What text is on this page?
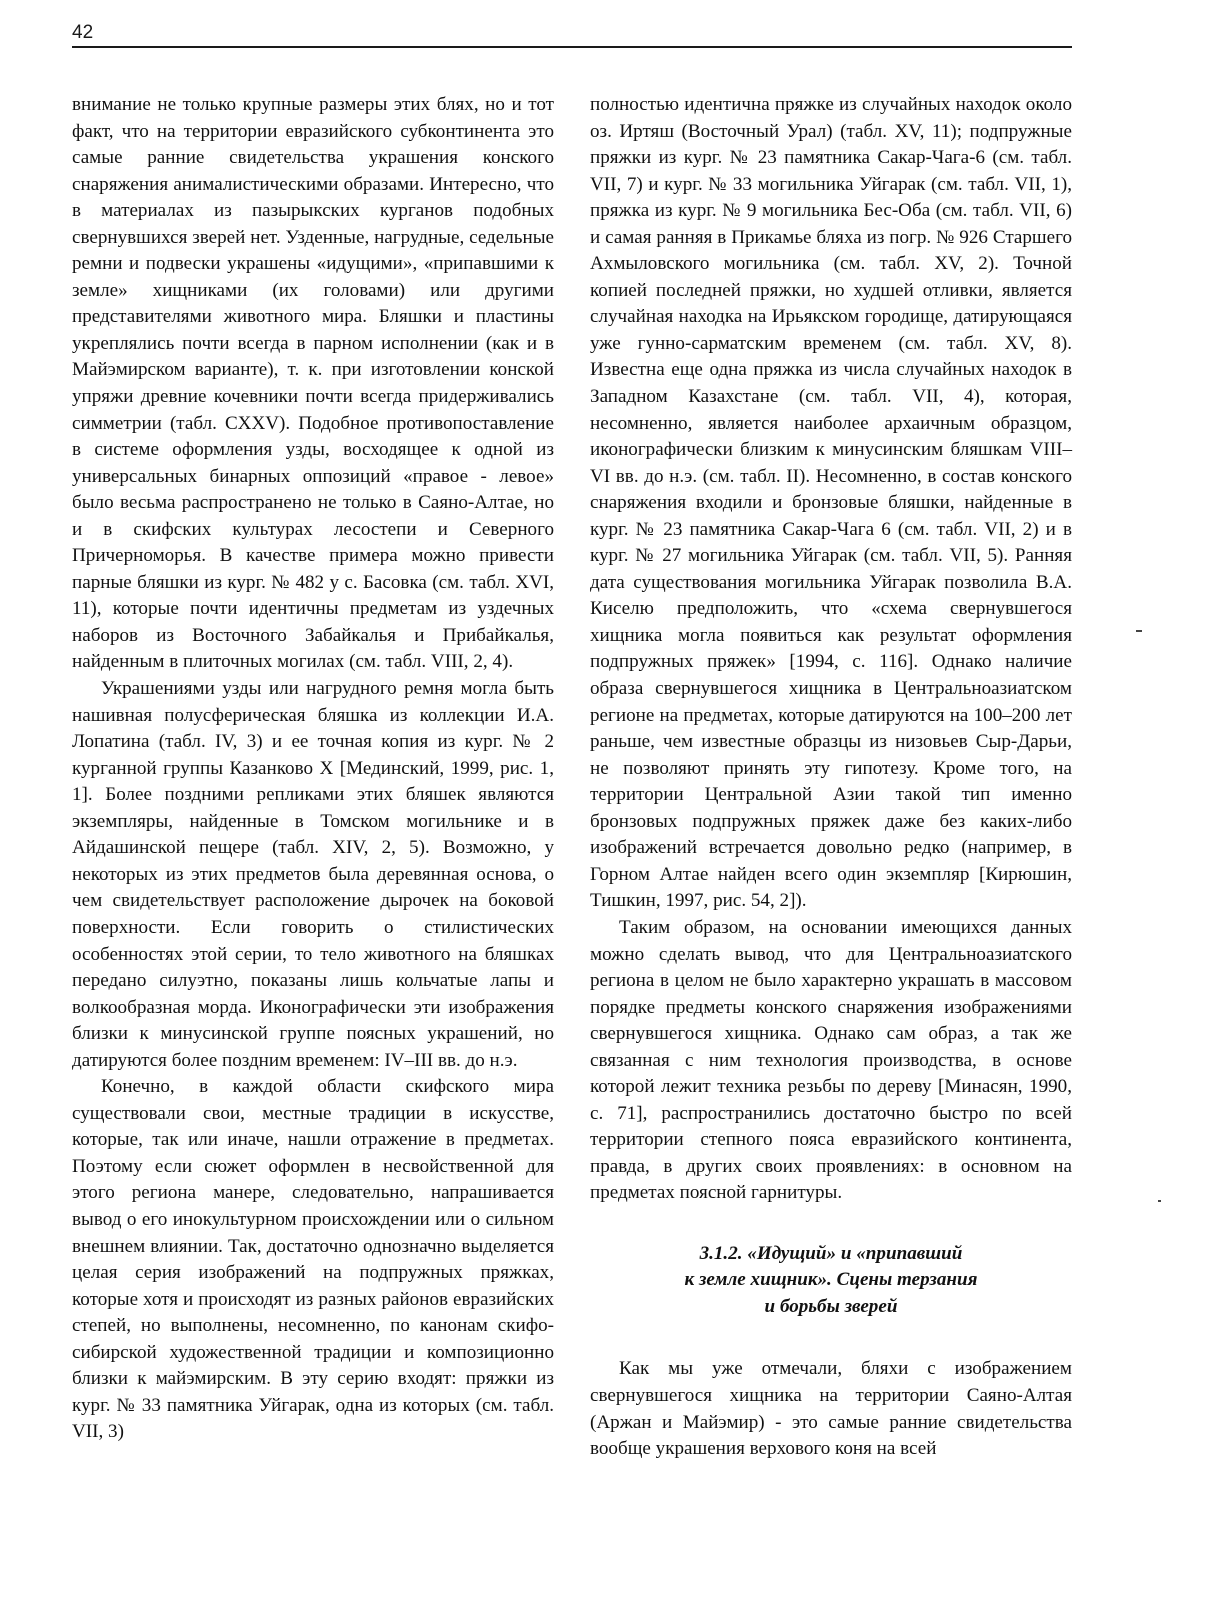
42

внимание не только крупные размеры этих блях, но и тот факт, что на территории евразийского субконтинента это самые ранние свидетельства украшения конского снаряжения анималистическими образами. Интересно, что в материалах из пазырыкских курганов подобных свернувшихся зверей нет. Узденные, нагрудные, седельные ремни и подвески украшены «идущими», «припавшими к земле» хищниками (их головами) или другими представителями животного мира. Бляшки и пластины укреплялись почти всегда в парном исполнении (как и в Майэмирском варианте), т. к. при изготовлении конской упряжи древние кочевники почти всегда придерживались симметрии (табл. CXXV). Подобное противопоставление в системе оформления узды, восходящее к одной из универсальных бинарных оппозиций «правое - левое» было весьма распространено не только в Саяно-Алтае, но и в скифских культурах лесостепи и Северного Причерноморья. В качестве примера можно привести парные бляшки из кург. № 482 у с. Басовка (см. табл. XVI, 11), которые почти идентичны предметам из уздечных наборов из Восточного Забайкалья и Прибайкалья, найденным в плиточных могилах (см. табл. VIII, 2, 4).

Украшениями узды или нагрудного ремня могла быть нашивная полусферическая бляшка из коллекции И.А. Лопатина (табл. IV, 3) и ее точная копия из кург. № 2 курганной группы Казанково X [Мединский, 1999, рис. 1, 1]. Более поздними репликами этих бляшек являются экземпляры, найденные в Томском могильнике и в Айдашинской пещере (табл. XIV, 2, 5). Возможно, у некоторых из этих предметов была деревянная основа, о чем свидетельствует расположение дырочек на боковой поверхности. Если говорить о стилистических особенностях этой серии, то тело животного на бляшках передано силуэтно, показаны лишь кольчатые лапы и волкообразная морда. Иконографически эти изображения близки к минусинской группе поясных украшений, но датируются более поздним временем: IV–III вв. до н.э.

Конечно, в каждой области скифского мира существовали свои, местные традиции в искусстве, которые, так или иначе, нашли отражение в предметах. Поэтому если сюжет оформлен в несвойственной для этого региона манере, следовательно, напрашивается вывод о его инокультурном происхождении или о сильном внешнем влиянии. Так, достаточно однозначно выделяется целая серия изображений на подпружных пряжках, которые хотя и происходят из разных районов евразийских степей, но выполнены, несомненно, по канонам скифо-сибирской художественной традиции и композиционно близки к майэмирским. В эту серию входят: пряжки из кург. № 33 памятника Уйгарак, одна из которых (см. табл. VII, 3)

полностью идентична пряжке из случайных находок около оз. Иртяш (Восточный Урал) (табл. XV, 11); подпружные пряжки из кург. № 23 памятника Сакар-Чага-6 (см. табл. VII, 7) и кург. № 33 могильника Уйгарак (см. табл. VII, 1), пряжка из кург. № 9 могильника Бес-Оба (см. табл. VII, 6) и самая ранняя в Прикамье бляха из погр. № 926 Старшего Ахмыловского могильника (см. табл. XV, 2). Точной копией последней пряжки, но худшей отливки, является случайная находка на Ирьякском городище, датирующаяся уже гунно-сарматским временем (см. табл. XV, 8). Известна еще одна пряжка из числа случайных находок в Западном Казахстане (см. табл. VII, 4), которая, несомненно, является наиболее архаичным образцом, иконографически близким к минусинским бляшкам VIII–VI вв. до н.э. (см. табл. II). Несомненно, в состав конского снаряжения входили и бронзовые бляшки, найденные в кург. № 23 памятника Сакар-Чага 6 (см. табл. VII, 2) и в кург. № 27 могильника Уйгарак (см. табл. VII, 5). Ранняя дата существования могильника Уйгарак позволила В.А. Киселю предположить, что «схема свернувшегося хищника могла появиться как результат оформления подпружных пряжек» [1994, с. 116]. Однако наличие образа свернувшегося хищника в Центральноазиатском регионе на предметах, которые датируются на 100–200 лет раньше, чем известные образцы из низовьев Сыр-Дарьи, не позволяют принять эту гипотезу. Кроме того, на территории Центральной Азии такой тип именно бронзовых подпружных пряжек даже без каких-либо изображений встречается довольно редко (например, в Горном Алтае найден всего один экземпляр [Кирюшин, Тишкин, 1997, рис. 54, 2]).

Таким образом, на основании имеющихся данных можно сделать вывод, что для Центральноазиатского региона в целом не было характерно украшать в массовом порядке предметы конского снаряжения изображениями свернувшегося хищника. Однако сам образ, а так же связанная с ним технология производства, в основе которой лежит техника резьбы по дереву [Минасян, 1990, с. 71], распространились достаточно быстро по всей территории степного пояса евразийского континента, правда, в других своих проявлениях: в основном на предметах поясной гарнитуры.

3.1.2. «Идущий» и «припавший
к земле хищник». Сцены терзания
и борьбы зверей

Как мы уже отмечали, бляхи с изображением свернувшегося хищника на территории Саяно-Алтая (Аржан и Майэмир) - это самые ранние свидетельства вообще украшения верхового коня на всей
